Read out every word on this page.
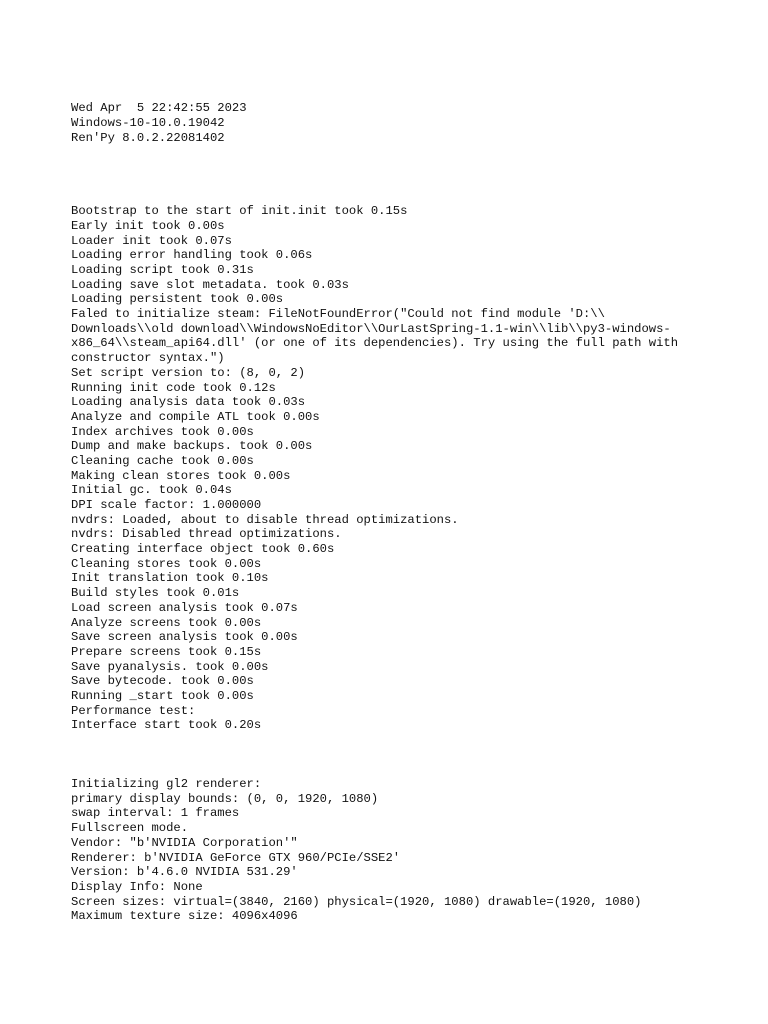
Wed Apr  5 22:42:55 2023
Windows-10-10.0.19042
Ren'Py 8.0.2.22081402

Bootstrap to the start of init.init took 0.15s
Early init took 0.00s
Loader init took 0.07s
Loading error handling took 0.06s
Loading script took 0.31s
Loading save slot metadata. took 0.03s
Loading persistent took 0.00s
Faled to initialize steam: FileNotFoundError("Could not find module 'D:\\
Downloads\\old download\\WindowsNoEditor\\OurLastSpring-1.1-win\\lib\\py3-windows-
x86_64\\steam_api64.dll' (or one of its dependencies). Try using the full path with
constructor syntax.")
Set script version to: (8, 0, 2)
Running init code took 0.12s
Loading analysis data took 0.03s
Analyze and compile ATL took 0.00s
Index archives took 0.00s
Dump and make backups. took 0.00s
Cleaning cache took 0.00s
Making clean stores took 0.00s
Initial gc. took 0.04s
DPI scale factor: 1.000000
nvdrs: Loaded, about to disable thread optimizations.
nvdrs: Disabled thread optimizations.
Creating interface object took 0.60s
Cleaning stores took 0.00s
Init translation took 0.10s
Build styles took 0.01s
Load screen analysis took 0.07s
Analyze screens took 0.00s
Save screen analysis took 0.00s
Prepare screens took 0.15s
Save pyanalysis. took 0.00s
Save bytecode. took 0.00s
Running _start took 0.00s
Performance test:
Interface start took 0.20s

Initializing gl2 renderer:
primary display bounds: (0, 0, 1920, 1080)
swap interval: 1 frames
Fullscreen mode.
Vendor: "b'NVIDIA Corporation'"
Renderer: b'NVIDIA GeForce GTX 960/PCIe/SSE2'
Version: b'4.6.0 NVIDIA 531.29'
Display Info: None
Screen sizes: virtual=(3840, 2160) physical=(1920, 1080) drawable=(1920, 1080)
Maximum texture size: 4096x4096
